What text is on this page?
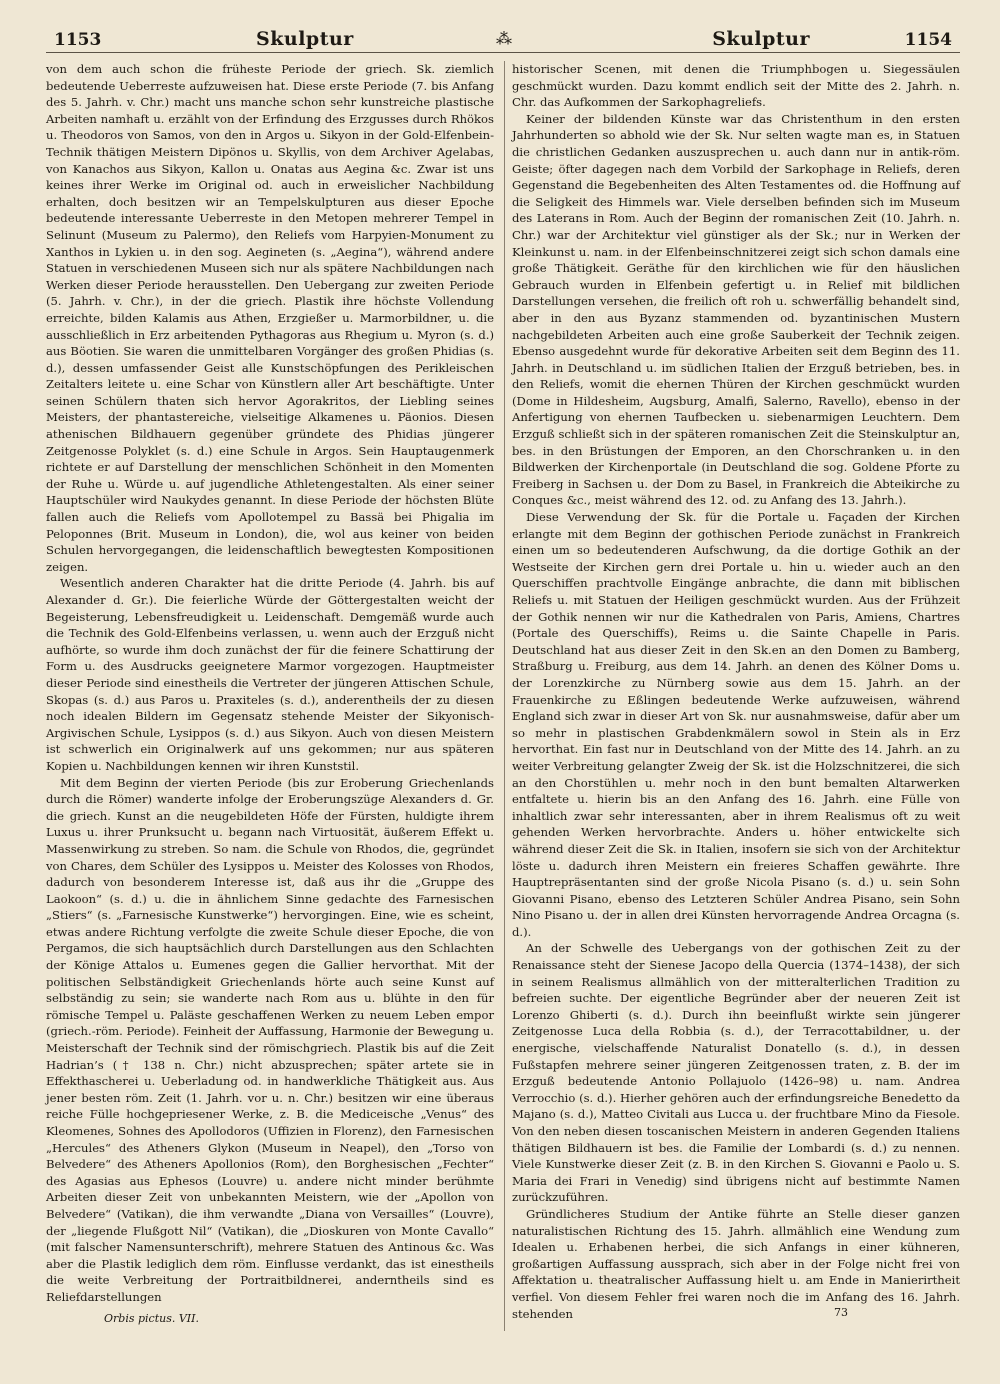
1153	Skulptur	⁂	Skulptur	1154

von dem auch schon die früheste Periode der griech. Sk. ziemlich bedeutende Ueberreste aufzuweisen hat. Diese erste Periode (7. bis Anfang des 5. Jahrh. v. Chr.) macht uns manche schon sehr kunstreiche plastische Arbeiten namhaft u. erzählt von der Erfindung des Erzgusses durch Rhökos u. Theodoros von Samos, von den in Argos u. Sikyon in der Gold-Elfenbein-Technik thätigen Meistern Dipönos u. Skyllis, von dem Archiver Agelabas, von Kanachos aus Sikyon, Kallon u. Onatas aus Aegina &c. Zwar ist uns keines ihrer Werke im Original od. auch in erweislicher Nachbildung erhalten, doch besitzen wir an Tempelskulpturen aus dieser Epoche bedeutende interessante Ueberreste in den Metopen mehrerer Tempel in Selinunt (Museum zu Palermo), den Reliefs vom Harpyien-Monument zu Xanthos in Lykien u. in den sog. Aegineten (s. „Aegina“), während andere Statuen in verschiedenen Museen sich nur als spätere Nachbildungen nach Werken dieser Periode herausstellen. Den Uebergang zur zweiten Periode (5. Jahrh. v. Chr.), in der die griech. Plastik ihre höchste Vollendung erreichte, bilden Kalamis aus Athen, Erzgießer u. Marmorbildner, u. die ausschließlich in Erz arbeitenden Pythagoras aus Rhegium u. Myron (s. d.) aus Böotien. Sie waren die unmittelbaren Vorgänger des großen Phidias (s. d.), dessen umfassender Geist alle Kunstschöpfungen des Perikleischen Zeitalters leitete u. eine Schar von Künstlern aller Art beschäftigte. Unter seinen Schülern thaten sich hervor Agorakritos, der Liebling seines Meisters, der phantastereiche, vielseitige Alkamenes u. Päonios. Diesen athenischen Bildhauern gegenüber gründete des Phidias jüngerer Zeitgenosse Polyklet (s. d.) eine Schule in Argos. Sein Hauptaugenmerk richtete er auf Darstellung der menschlichen Schönheit in den Momenten der Ruhe u. Würde u. auf jugendliche Athletengestalten. Als einer seiner Hauptschüler wird Naukydes genannt. In diese Periode der höchsten Blüte fallen auch die Reliefs vom Apollotempel zu Bassä bei Phigalia im Peloponnes (Brit. Museum in London), die, wol aus keiner von beiden Schulen hervorgegangen, die leidenschaftlich bewegtesten Kompositionen zeigen.

Wesentlich anderen Charakter hat die dritte Periode (4. Jahrh. bis auf Alexander d. Gr.). Die feierliche Würde der Göttergestalten weicht der Begeisterung, Lebensfreudigkeit u. Leidenschaft. Demgemäß wurde auch die Technik des Gold-Elfenbeins verlassen, u. wenn auch der Erzguß nicht aufhörte, so wurde ihm doch zunächst der für die feinere Schattirung der Form u. des Ausdrucks geeignetere Marmor vorgezogen. Hauptmeister dieser Periode sind einestheils die Vertreter der jüngeren Attischen Schule, Skopas (s. d.) aus Paros u. Praxiteles (s. d.), anderentheils der zu diesen noch idealen Bildern im Gegensatz stehende Meister der Sikyonisch-Argivischen Schule, Lysippos (s. d.) aus Sikyon. Auch von diesen Meistern ist schwerlich ein Originalwerk auf uns gekommen; nur aus späteren Kopien u. Nachbildungen kennen wir ihren Kunststil.

Mit dem Beginn der vierten Periode (bis zur Eroberung Griechenlands durch die Römer) wanderte infolge der Eroberungszüge Alexanders d. Gr. die griech. Kunst an die neugebildeten Höfe der Fürsten, huldigte ihrem Luxus u. ihrer Prunksucht u. begann nach Virtuosität, äußerem Effekt u. Massenwirkung zu streben. So nam. die Schule von Rhodos, die, gegründet von Chares, dem Schüler des Lysippos u. Meister des Kolosses von Rhodos, dadurch von besonderem Interesse ist, daß aus ihr die „Gruppe des Laokoon“ (s. d.) u. die in ähnlichem Sinne gedachte des Farnesischen „Stiers“ (s. „Farnesische Kunstwerke“) hervorgingen. Eine, wie es scheint, etwas andere Richtung verfolgte die zweite Schule dieser Epoche, die von Pergamos, die sich hauptsächlich durch Darstellungen aus den Schlachten der Könige Attalos u. Eumenes gegen die Gallier hervorthat. Mit der politischen Selbständigkeit Griechenlands hörte auch seine Kunst auf selbständig zu sein; sie wanderte nach Rom aus u. blühte in den für römische Tempel u. Paläste geschaffenen Werken zu neuem Leben empor (griech.-röm. Periode). Feinheit der Auffassung, Harmonie der Bewegung u. Meisterschaft der Technik sind der römischgriech. Plastik bis auf die Zeit Hadrian’s († 138 n. Chr.) nicht abzusprechen; später artete sie in Effekthascherei u. Ueberladung od. in handwerkliche Thätigkeit aus. Aus jener besten röm. Zeit (1. Jahrh. vor u. n. Chr.) besitzen wir eine überaus reiche Fülle hochgepriesener Werke, z. B. die Mediceische „Venus“ des Kleomenes, Sohnes des Apollodoros (Uffizien in Florenz), den Farnesischen „Hercules“ des Atheners Glykon (Museum in Neapel), den „Torso von Belvedere“ des Atheners Apollonios (Rom), den Borghesischen „Fechter“ des Agasias aus Ephesos (Louvre) u. andere nicht minder berühmte Arbeiten dieser Zeit von unbekannten Meistern, wie der „Apollon von Belvedere“ (Vatikan), die ihm verwandte „Diana von Versailles“ (Louvre), der „liegende Flußgott Nil“ (Vatikan), die „Dioskuren von Monte Cavallo“ (mit falscher Namensunterschrift), mehrere Statuen des Antinous &c. Was aber die Plastik lediglich dem röm. Einflusse verdankt, das ist einestheils die weite Verbreitung der Portraitbildnerei, anderntheils sind es Reliefdarstellungen

historischer Scenen, mit denen die Triumphbogen u. Siegessäulen geschmückt wurden. Dazu kommt endlich seit der Mitte des 2. Jahrh. n. Chr. das Aufkommen der Sarkophagreliefs.

Keiner der bildenden Künste war das Christenthum in den ersten Jahrhunderten so abhold wie der Sk. Nur selten wagte man es, in Statuen die christlichen Gedanken auszusprechen u. auch dann nur in antik-röm. Geiste; öfter dagegen nach dem Vorbild der Sarkophage in Reliefs, deren Gegenstand die Begebenheiten des Alten Testamentes od. die Hoffnung auf die Seligkeit des Himmels war. Viele derselben befinden sich im Museum des Laterans in Rom. Auch der Beginn der romanischen Zeit (10. Jahrh. n. Chr.) war der Architektur viel günstiger als der Sk.; nur in Werken der Kleinkunst u. nam. in der Elfenbeinschnitzerei zeigt sich schon damals eine große Thätigkeit. Geräthe für den kirchlichen wie für den häuslichen Gebrauch wurden in Elfenbein gefertigt u. in Relief mit bildlichen Darstellungen versehen, die freilich oft roh u. schwerfällig behandelt sind, aber in den aus Byzanz stammenden od. byzantinischen Mustern nachgebildeten Arbeiten auch eine große Sauberkeit der Technik zeigen. Ebenso ausgedehnt wurde für dekorative Arbeiten seit dem Beginn des 11. Jahrh. in Deutschland u. im südlichen Italien der Erzguß betrieben, bes. in den Reliefs, womit die ehernen Thüren der Kirchen geschmückt wurden (Dome in Hildesheim, Augsburg, Amalfi, Salerno, Ravello), ebenso in der Anfertigung von ehernen Taufbecken u. siebenarmigen Leuchtern. Dem Erzguß schließt sich in der späteren romanischen Zeit die Steinskulptur an, bes. in den Brüstungen der Emporen, an den Chorschranken u. in den Bildwerken der Kirchenportale (in Deutschland die sog. Goldene Pforte zu Freiberg in Sachsen u. der Dom zu Basel, in Frankreich die Abteikirche zu Conques &c., meist während des 12. od. zu Anfang des 13. Jahrh.).

Diese Verwendung der Sk. für die Portale u. Façaden der Kirchen erlangte mit dem Beginn der gothischen Periode zunächst in Frankreich einen um so bedeutenderen Aufschwung, da die dortige Gothik an der Westseite der Kirchen gern drei Portale u. hin u. wieder auch an den Querschiffen prachtvolle Eingänge anbrachte, die dann mit biblischen Reliefs u. mit Statuen der Heiligen geschmückt wurden. Aus der Frühzeit der Gothik nennen wir nur die Kathedralen von Paris, Amiens, Chartres (Portale des Querschiffs), Reims u. die Sainte Chapelle in Paris. Deutschland hat aus dieser Zeit in den Sk.en an den Domen zu Bamberg, Straßburg u. Freiburg, aus dem 14. Jahrh. an denen des Kölner Doms u. der Lorenzkirche zu Nürnberg sowie aus dem 15. Jahrh. an der Frauenkirche zu Eßlingen bedeutende Werke aufzuweisen, während England sich zwar in dieser Art von Sk. nur ausnahmsweise, dafür aber um so mehr in plastischen Grabdenkmälern sowol in Stein als in Erz hervorthat. Ein fast nur in Deutschland von der Mitte des 14. Jahrh. an zu weiter Verbreitung gelangter Zweig der Sk. ist die Holzschnitzerei, die sich an den Chorstühlen u. mehr noch in den bunt bemalten Altarwerken entfaltete u. hierin bis an den Anfang des 16. Jahrh. eine Fülle von inhaltlich zwar sehr interessanten, aber in ihrem Realismus oft zu weit gehenden Werken hervorbrachte. Anders u. höher entwickelte sich während dieser Zeit die Sk. in Italien, insofern sie sich von der Architektur löste u. dadurch ihren Meistern ein freieres Schaffen gewährte. Ihre Hauptrepräsentanten sind der große Nicola Pisano (s. d.) u. sein Sohn Giovanni Pisano, ebenso des Letzteren Schüler Andrea Pisano, sein Sohn Nino Pisano u. der in allen drei Künsten hervorragende Andrea Orcagna (s. d.).

An der Schwelle des Uebergangs von der gothischen Zeit zu der Renaissance steht der Sienese Jacopo della Quercia (1374–1438), der sich in seinem Realismus allmählich von der mitteralterlichen Tradition zu befreien suchte. Der eigentliche Begründer aber der neueren Zeit ist Lorenzo Ghiberti (s. d.). Durch ihn beeinflußt wirkte sein jüngerer Zeitgenosse Luca della Robbia (s. d.), der Terracottabildner, u. der energische, vielschaffende Naturalist Donatello (s. d.), in dessen Fußstapfen mehrere seiner jüngeren Zeitgenossen traten, z. B. der im Erzguß bedeutende Antonio Pollajuolo (1426–98) u. nam. Andrea Verrocchio (s. d.). Hierher gehören auch der erfindungsreiche Benedetto da Majano (s. d.), Matteo Civitali aus Lucca u. der fruchtbare Mino da Fiesole. Von den neben diesen toscanischen Meistern in anderen Gegenden Italiens thätigen Bildhauern ist bes. die Familie der Lombardi (s. d.) zu nennen. Viele Kunstwerke dieser Zeit (z. B. in den Kirchen S. Giovanni e Paolo u. S. Maria dei Frari in Venedig) sind übrigens nicht auf bestimmte Namen zurückzuführen.

Gründlicheres Studium der Antike führte an Stelle dieser ganzen naturalistischen Richtung des 15. Jahrh. allmählich eine Wendung zum Idealen u. Erhabenen herbei, die sich Anfangs in einer kühneren, großartigen Auffassung aussprach, sich aber in der Folge nicht frei von Affektation u. theatralischer Auffassung hielt u. am Ende in Manierirtheit verfiel. Von diesem Fehler frei waren noch die im Anfang des 16. Jahrh. stehenden

Orbis pictus. VII.	73
